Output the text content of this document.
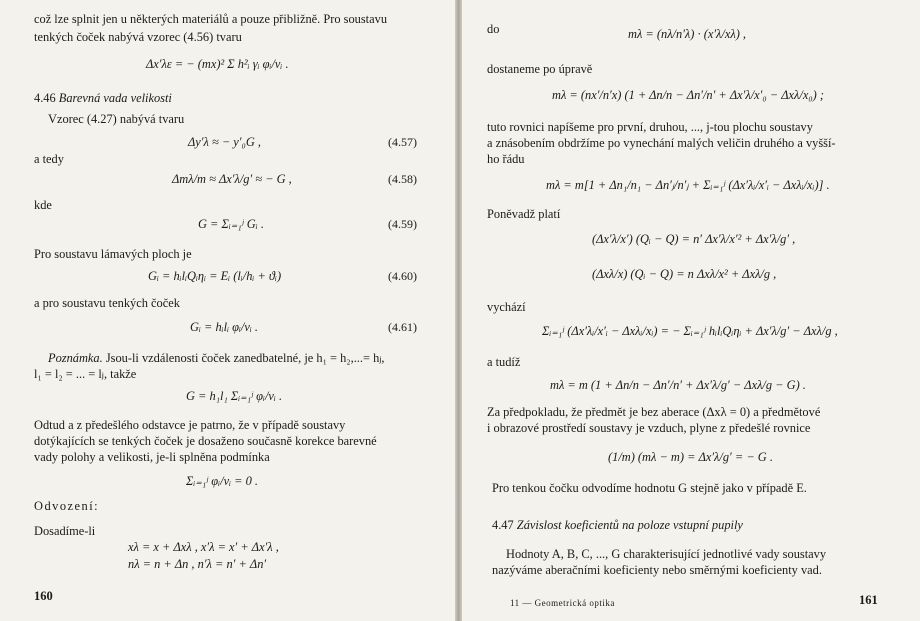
což lze splnit jen u některých materiálů a pouze přibližně. Pro soustavu
tenkých čoček nabývá vzorec (4.56) tvaru
Δx′λε = − (mx)² Σ h²ᵢ γᵢ φᵢ/νᵢ .
4.46 Barevná vada velikosti
Vzorec (4.27) nabývá tvaru
Δy′λ ≈ − y′₀G ,	(4.57)
a tedy
Δmλ/m ≈ Δx′λ/g′ ≈ − G ,	(4.58)
kde
G = Σᵢ₌₁ʲ Gᵢ .	(4.59)
Pro soustavu lámavých ploch je
Gᵢ = hᵢlᵢQᵢηᵢ = Eᵢ (lᵢ/hᵢ + ϑᵢ)	(4.60)
a pro soustavu tenkých čoček
Gᵢ = hᵢlᵢ φᵢ/νᵢ .	(4.61)
Poznámka. Jsou-li vzdálenosti čoček zanedbatelné, je h₁ = h₂,...= hⱼ,
l₁ = l₂ = ... = lⱼ, takže
G = h₁l₁ Σᵢ₌₁ʲ φᵢ/νᵢ .
Odtud a z předešlého odstavce je patrno, že v případě soustavy
dotýkajících se tenkých čoček je dosaženo současně korekce barevné
vady polohy a velikosti, je-li splněna podmínka
Σᵢ₌₁ʲ φᵢ/νᵢ = 0 .
Odvození:
Dosadíme-li
xλ = x + Δxλ , x′λ = x′ + Δx′λ ,
nλ = n + Δn , n′λ = n′ + Δn′
160
do	mλ = (nλ/n′λ) · (x′λ/xλ) ,
dostaneme po úpravě
mλ = (nx′/n′x) (1 + Δn/n − Δn′/n′ + Δx′λ/x′₀ − Δxλ/x₀) ;
tuto rovnici napíšeme pro první, druhou, ..., j-tou plochu soustavy
a znásobením obdržíme po vynechání malých veličin druhého a vyšší-
ho řádu
mλ = m[1 + Δn₁/n₁ − Δn′ⱼ/n′ⱼ + Σᵢ₌₁ʲ (Δx′λᵢ/x′ᵢ − Δxλᵢ/xᵢ)] .
Poněvadž platí
(Δx′λ/x′) (Qᵢ − Q) = n′ Δx′λ/x′² + Δx′λ/g′ ,
(Δxλ/x) (Qᵢ − Q) = n Δxλ/x² + Δxλ/g ,
vychází
Σᵢ₌₁ʲ (Δx′λᵢ/x′ᵢ − Δxλᵢ/xᵢ) = − Σᵢ₌₁ʲ hᵢlᵢQᵢηᵢ + Δx′λ/g′ − Δxλ/g ,
a tudíž
mλ = m (1 + Δn/n − Δn′/n′ + Δx′λ/g′ − Δxλ/g − G) .
Za předpokladu, že předmět je bez aberace (Δxλ = 0) a předmětové
i obrazové prostředí soustavy je vzduch, plyne z předešlé rovnice
(1/m) (mλ − m) = Δx′λ/g′ = − G .
Pro tenkou čočku odvodíme hodnotu G stejně jako v případě E.
4.47 Závislost koeficientů na poloze vstupní pupily
Hodnoty A, B, C, ..., G charakterisující jednotlivé vady soustavy
nazýváme aberačními koeficienty nebo směrnými koeficienty vad.
11 — Geometrická optika	161
